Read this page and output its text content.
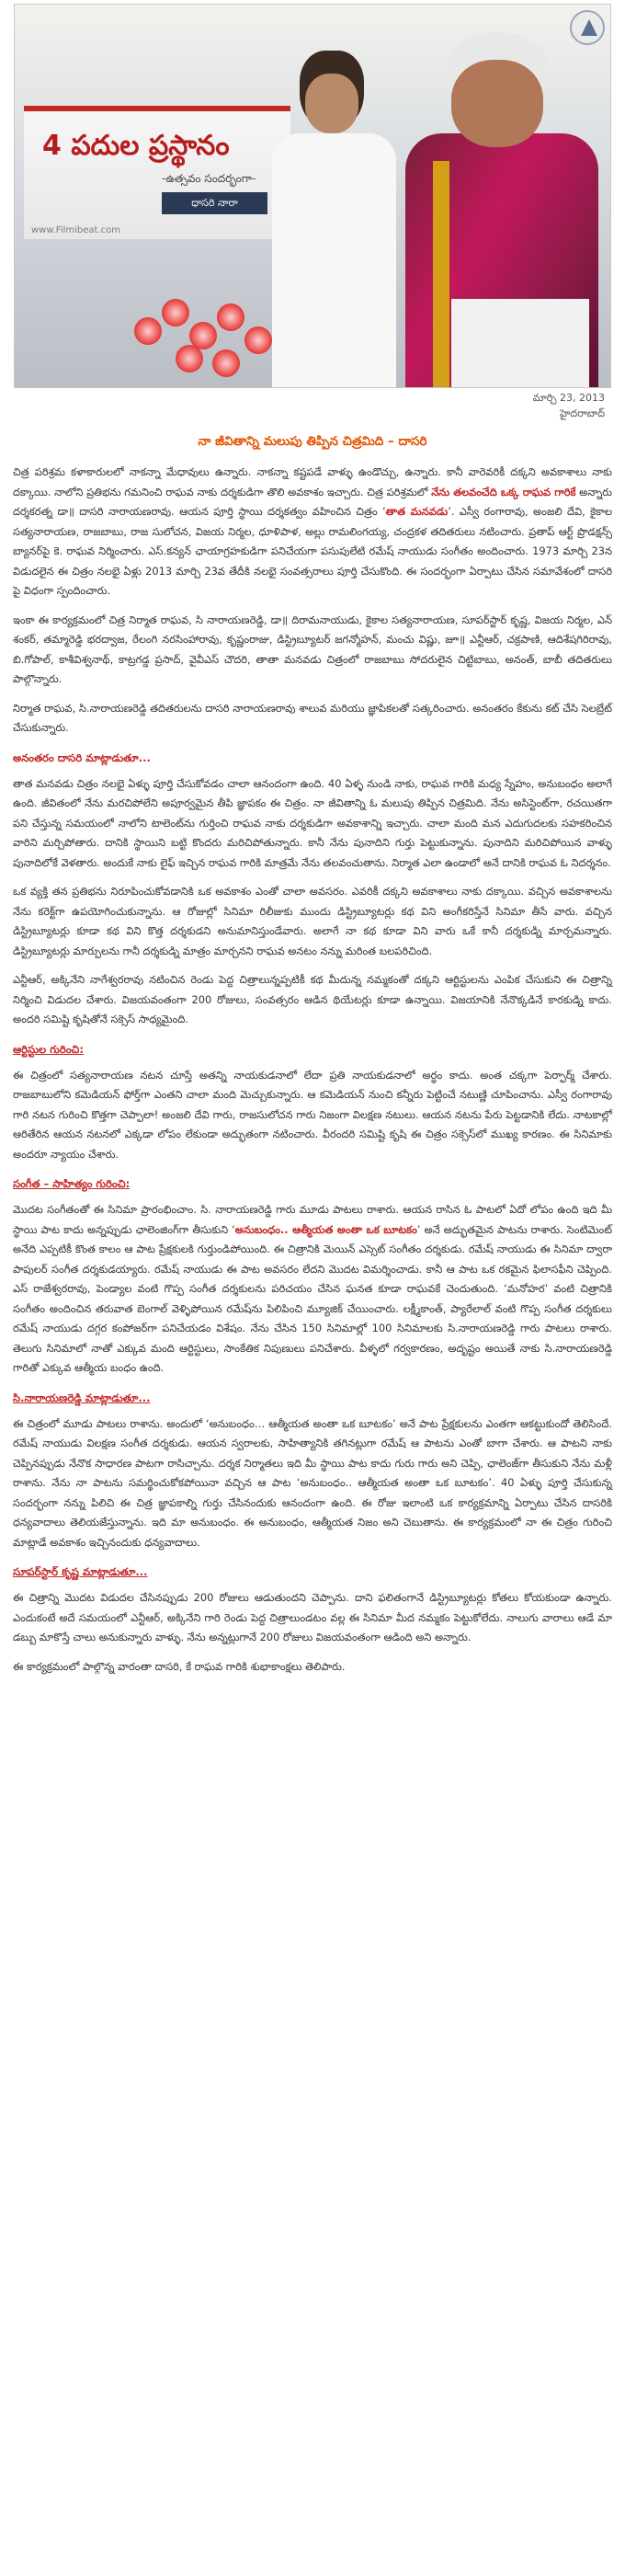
4 పదుల ప్రస్థానం
-ఉత్సవం సందర్భంగా-
ధాసరి నారా
www.Filmibeat.com
మార్చి 23, 2013
హైదరాబాద్
నా జీవితాన్ని మలుపు తిప్పిన చిత్రమిది – దాసరి

చిత్ర పరిశ్రమ కళాకారులలో నాకన్నా మేధావులు ఉన్నారు. నాకన్నా కష్టపడే వాళ్ళు ఉండొచ్చు, ఉన్నారు. కానీ వారెవరికీ దక్కని అవకాశాలు నాకు దక్కాయి. నాలోని ప్రతిభను గమనించి రాఘవ నాకు దర్శకుడిగా తొలి అవకాశం ఇచ్చారు. చిత్ర పరిశ్రమలో నేను తలవంచేది ఒక్క రాఘవ గారికే అన్నారు దర్శకరత్న డా॥ దాసరి నారాయణరావు. ఆయన పూర్తి స్థాయి దర్శకత్వం వహించిన చిత్రం ‘తాత మనవడు’. ఎస్వీ రంగారావు, అంజలి దేవి, కైకాల సత్యనారాయణ, రాజబాబు, రాజ సులోచన, విజయ నిర్మల, ధూళిపాళ, అల్లు రామలింగయ్య, చంద్రకళ తదితరులు నటించారు. ప్రతాప్ ఆర్ట్ ప్రొడక్షన్స్ బ్యానర్‌పై కె. రాఘవ నిర్మించారు. ఎస్.కన్యన్ ఛాయాగ్రహకుడిగా పనిచేయగా పసుపులేటి రమేష్ నాయుడు సంగీతం అందించారు. 1973 మార్చి 23న విడుదలైన ఈ చిత్రం నలభై ఏళ్లు 2013 మార్చి 23వ తేదీకి నలభై సంవత్సరాలు పూర్తి చేసుకొంది. ఈ సందర్భంగా ఏర్పాటు చేసిన సమావేశంలో దాసరి పై విధంగా స్పందించారు.

ఇంకా ఈ కార్యక్రమంలో చిత్ర నిర్మాత రాఘవ, సి నారాయణరెడ్డి, డా॥ దిరామనాయుడు, కైకాల సత్యనారాయణ, సూపర్‌స్టార్ కృష్ణ, విజయ నిర్మల, ఎన్ శంకర్, తమ్మారెడ్డి భరద్వాజ, రేలంగి నరసింహారావు, కృష్ణంరాజు, డిస్ట్రిబ్యూటర్ జగన్మోహన్, మంచు విష్ణు, జూ॥ ఎన్టీఆర్, చక్రపాణి, ఆదిశేషగిరిరావు, బి.గోపాల్, కాశీవిశ్వనాథ్, కాట్రగడ్డ ప్రసాద్, వైవీఎస్ చౌదరి, తాతా మనవడు చిత్రంలో రాజబాబు సోదరులైన చిట్టిబాబు, అనంత్, బాబీ తదితరులు పాల్గొన్నారు.

నిర్మాత రాఘవ, సి.నారాయణరెడ్డి తదితరులను దాసరి నారాయణరావు శాలువ మరియు జ్ఞాపికలతో సత్కరించారు. అనంతరం కేకును కట్ చేసి సెలబ్రేట్ చేసుకున్నారు.

అనంతరం దాసరి మాట్లాడుతూ...

తాత మనవడు చిత్రం నలభై ఏళ్ళు పూర్తి చేసుకోవడం చాలా ఆనందంగా ఉంది. 40 ఏళ్ళ నుండి నాకు, రాఘవ గారికి మధ్య స్నేహం, అనుబంధం అలాగే ఉంది. జీవితంలో నేను మరచిపోలేని అపూర్వమైన తీపి జ్ఞాపకం ఈ చిత్రం. నా జీవితాన్ని ఓ మలుపు తిప్పిన చిత్రమిది. నేను అసిస్టెంట్‌గా, రచయితగా పని చేస్తున్న సమయంలో నాలోని టాలెంట్‌ను గుర్తించి రాఘవ నాకు దర్శకుడిగా అవకాశాన్ని ఇచ్చారు. చాలా మంది మన ఎదుగుదలకు సహకరించిన వారిని మర్చిపోతారు. దానికి స్థాయిని బట్టి కొందరు మరిచిపోతున్నారు. కానీ నేను పునాదిని గుర్తు పెట్టుకున్నాను. పునాదిని మరిచిపోయిన వాళ్ళు పునాదిలోకే వెళతారు. అందుకే నాకు లైఫ్ ఇచ్చిన రాఘవ గారికి మాత్రమే నేను తలవంచుతాను. నిర్మాత ఎలా ఉండాలో అనే దానికి రాఘవ ఓ నిదర్శనం.

ఒక వ్యక్తి తన ప్రతిభను నిరూపించుకోవడానికి ఒక అవకాశం ఎంతో చాలా అవసరం. ఎవరికీ దక్కని అవకాశాలు నాకు దక్కాయి. వచ్చిన అవకాశాలను నేను కరెక్ట్‌గా ఉపయోగించుకున్నాను. ఆ రోజుల్లో సినిమా రిలీజుకు ముందు డిస్ట్రిబ్యూటర్లు కథ విని అంగీకరిస్తేనే సినిమా తీసే వారు. వచ్చిన డిస్ట్రిబ్యూటర్లు కూడా కథ విని కొత్త దర్శకుడని అనుమానిస్తుండేవారు. అలాగే నా కథ కూడా విని వారు ఒకే కానీ దర్శకుడ్ని మార్చమన్నారు. డిస్ట్రిబ్యూటర్లు మార్పులను గానీ దర్శకుడ్ని మాత్రం మార్చనని రాఘవ అనటం నన్ను మరింత బలపరిచింది.

ఎన్టీఆర్, అక్కినేని నాగేశ్వరరావు నటించిన రెండు పెద్ద చిత్రాలున్నప్పటికీ కథ మీదున్న నమ్మకంతో దక్కని ఆర్టిస్టులను ఎంపిక చేసుకుని ఈ చిత్రాన్ని నిర్మించి విడుదల చేశారు. విజయవంతంగా 200 రోజులు, సంవత్సరం ఆడిన థియేటర్లు కూడా ఉన్నాయి. విజయానికి నేనొక్కడినే కారకుడ్ని కాదు. అందరి సమిష్టి కృషితోనే సక్సెస్ సాధ్యమైంది.

ఆర్టిస్టుల గురించి:

ఈ చిత్రంలో సత్యనారాయణ నటన చూస్తే అతన్ని నాయకుడనాలో లేదా ప్రతి నాయకుడనాలో అర్థం కాదు. అంత చక్కగా పెర్ఫార్మ్ చేశారు. రాజబాబులోని కమెడియన్ ఫోర్త్‌గా ఎంతని చాలా మంది మెచ్చుకున్నారు. ఆ కమెడియన్ నుంచి కన్నీరు పెట్టించే నటుణ్ణి చూపించాను. ఎస్వీ రంగారావు గారి నటన గురించి కొత్తగా చెప్పాలా! అంజలి దేవి గారు, రాజసులోచన గారు నిజంగా విలక్షణ నటులు. ఆయన నటను పేరు పెట్టడానికి లేదు. నాటకాల్లో ఆరితేరిన ఆయన నటనలో ఎక్కడా లోపం లేకుండా అద్భుతంగా నటించారు. వీరందరి సమిష్టి కృషి ఈ చిత్రం సక్సెస్‌లో ముఖ్య కారణం. ఈ సినిమాకు అందరూ న్యాయం చేశారు.

సంగీత – సాహిత్యం గురించి:

మొదట సంగీతంతో ఈ సినిమా ప్రారంభించాం. సి. నారాయణరెడ్డి గారు మూడు పాటలు రాశారు. ఆయన రాసిన ఓ పాటలో ఏదో లోపం ఉంది ఇది మీ స్థాయి పాట కాదు అన్నప్పుడు ఛాలెంజింగ్‌గా తీసుకుని ‘అనుబంధం.. ఆత్మీయత అంతా ఒక బూటకం’ అనే అద్భుతమైన పాటను రాశారు. సెంటిమెంట్ అనేది ఎప్పటికీ కొంత కాలం ఆ పాట ప్రేక్షకులకి గుర్తుండిపోయింది. ఈ చిత్రానికి మెయిన్ ఎస్సెట్ సంగీతం దర్శకుడు. రమేష్ నాయుడు ఈ సినిమా ద్వారా పాపులర్ సంగీత దర్శకుడయ్యారు. రమేష్ నాయుడు ఈ పాట అవసరం లేదని మొదట విమర్శించాడు. కానీ ఆ పాట ఒక రకమైన ఫిలాసఫీని చెప్పింది. ఎస్ రాజేశ్వరరావు, పెండ్యాల వంటి గొప్ప సంగీత దర్శకులను పరిచయం చేసిన ఘనత కూడా రాఘవకే చెందుతుంది. ‘మనోహర’ వంటి చిత్రానికి సంగీతం అందించిన తరువాత బెంగాల్ వెళ్ళిపోయిన రమేష్‌ను పిలిపించి మ్యూజిక్ చేయించారు. లక్ష్మీకాంత్, ప్యారేలాల్ వంటి గొప్ప సంగీత దర్శకులు రమేష్ నాయుడు దగ్గర కంపోజర్‌గా పనిచేయడం విశేషం. నేను చేసిన 150 సినిమాల్లో 100 సినిమాలకు సి.నారాయణరెడ్డి గారు పాటలు రాశారు. తెలుగు సినిమాలో నాతో ఎక్కువ మంది ఆర్టిస్టులు, సాంకేతిక నిపుణులు పనిచేశారు. వీళ్ళలో గర్వకారణం, అదృష్టం అయితే నాకు సి.నారాయణరెడ్డి గారితో ఎక్కువ ఆత్మీయ బంధం ఉంది.

సి.నారాయణరెడ్డి మాట్లాడుతూ...

ఈ చిత్రంలో మూడు పాటలు రాశాను. అందులో ‘అనుబంధం… ఆత్మీయత అంతా ఒక బూటకం’ అనే పాట ప్రేక్షకులను ఎంతగా ఆకట్టుకుందో తెలిసిందే. రమేష్ నాయుడు విలక్షణ సంగీత దర్శకుడు. ఆయన స్వరాలకు, సాహిత్యానికి తగినట్లుగా రమేష్ ఆ పాటను ఎంతో బాగా చేశారు. ఆ పాటని నాకు చెప్పినప్పుడు నేనొక సాధారణ పాటగా రాసిచ్చాను. దర్శక నిర్మాతలు ఇది మీ స్థాయి పాట కాదు గురు గారు అని చెప్పి, ఛాలెంజ్‌గా తీసుకుని నేను మళ్లీ రాశాను. నేను నా పాటను సమర్థించుకోకపోయినా వచ్చిన ఆ పాట ‘అనుబంధం.. ఆత్మీయత అంతా ఒక బూటకం’. 40 ఏళ్ళు పూర్తి చేసుకున్న సందర్భంగా నన్ను పిలిచి ఈ చిత్ర జ్ఞాపకాల్ని గుర్తు చేసినందుకు ఆనందంగా ఉంది. ఈ రోజు ఇలాంటి ఒక కార్యక్రమాన్ని ఏర్పాటు చేసిన దాసరికి ధన్యవాదాలు తెలియజేస్తున్నాను. ఇది మా అనుబంధం. ఈ అనుబంధం, ఆత్మీయత నిజం అని చెబుతాను. ఈ కార్యక్రమంలో నా ఈ చిత్రం గురించి మాట్లాడే అవకాశం ఇచ్చినందుకు ధన్యవాదాలు.

సూపర్‌స్టార్ కృష్ణ మాట్లాడుతూ...

ఈ చిత్రాన్ని మొదట విడుదల చేసినప్పుడు 200 రోజులు ఆడుతుందని చెప్పాను. దాని ఫలితంగానే డిస్ట్రిబ్యూటర్లు కోతలు కోయకుండా ఉన్నారు. ఎందుకంటే అదే సమయంలో ఎన్టీఆర్, అక్కినేని గారి రెండు పెద్ద చిత్రాలుండటం వల్ల ఈ సినిమా మీద నమ్మకం పెట్టుకోలేదు. నాలుగు వారాలు ఆడే మా డబ్బు మాకొస్తే చాలు అనుకున్నారు వాళ్ళు. నేను అన్నట్లుగానే 200 రోజులు విజయవంతంగా ఆడింది అని అన్నారు.

ఈ కార్యక్రమంలో పాల్గొన్న వారంతా దాసరి, కే రాఘవ గారికి శుభాకాంక్షలు తెలిపారు.
